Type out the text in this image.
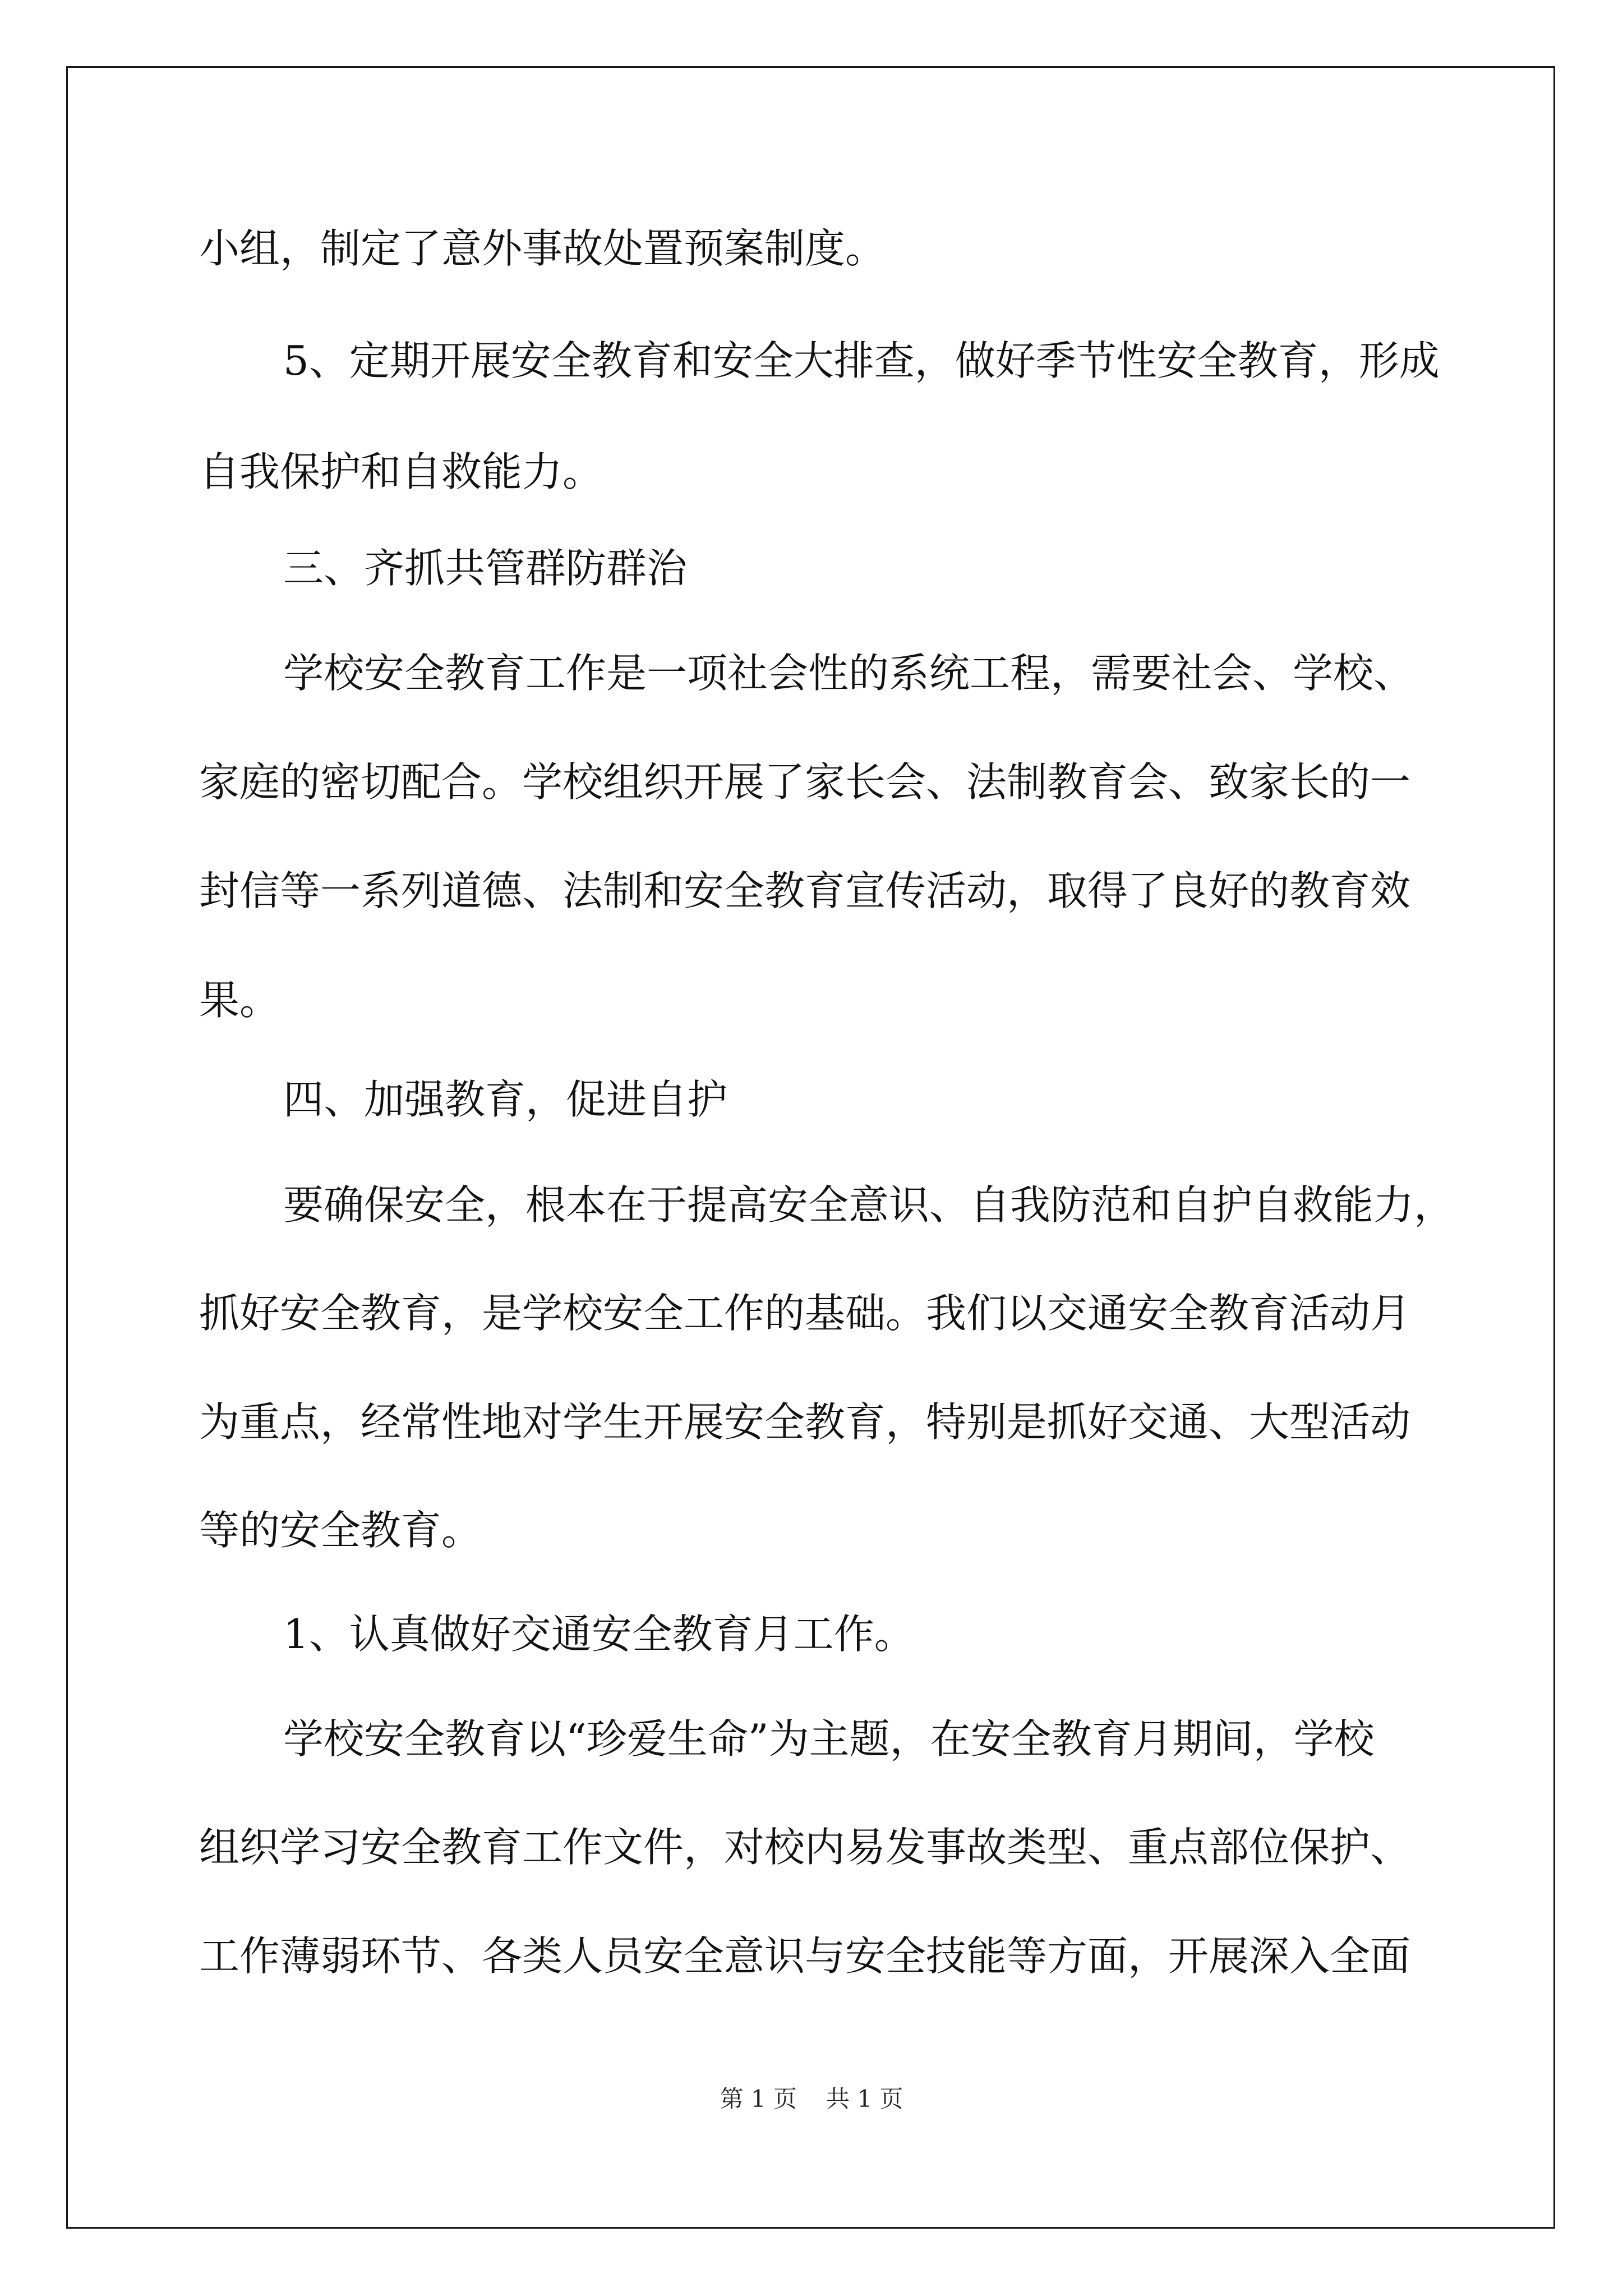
小组，制定了意外事故处置预案制度。
5、定期开展安全教育和安全大排查，做好季节性安全教育，形成
自我保护和自救能力。
三、齐抓共管群防群治
学校安全教育工作是一项社会性的系统工程，需要社会、学校、
家庭的密切配合。学校组织开展了家长会、法制教育会、致家长的一
封信等一系列道德、法制和安全教育宣传活动，取得了良好的教育效
果。
四、加强教育，促进自护
要确保安全，根本在于提高安全意识、自我防范和自护自救能力，
抓好安全教育，是学校安全工作的基础。我们以交通安全教育活动月
为重点，经常性地对学生开展安全教育，特别是抓好交通、大型活动
等的安全教育。
1、认真做好交通安全教育月工作。
学校安全教育以“珍爱生命”为主题，在安全教育月期间，学校
组织学习安全教育工作文件，对校内易发事故类型、重点部位保护、
工作薄弱环节、各类人员安全意识与安全技能等方面，开展深入全面
第 1 页 共 1 页
